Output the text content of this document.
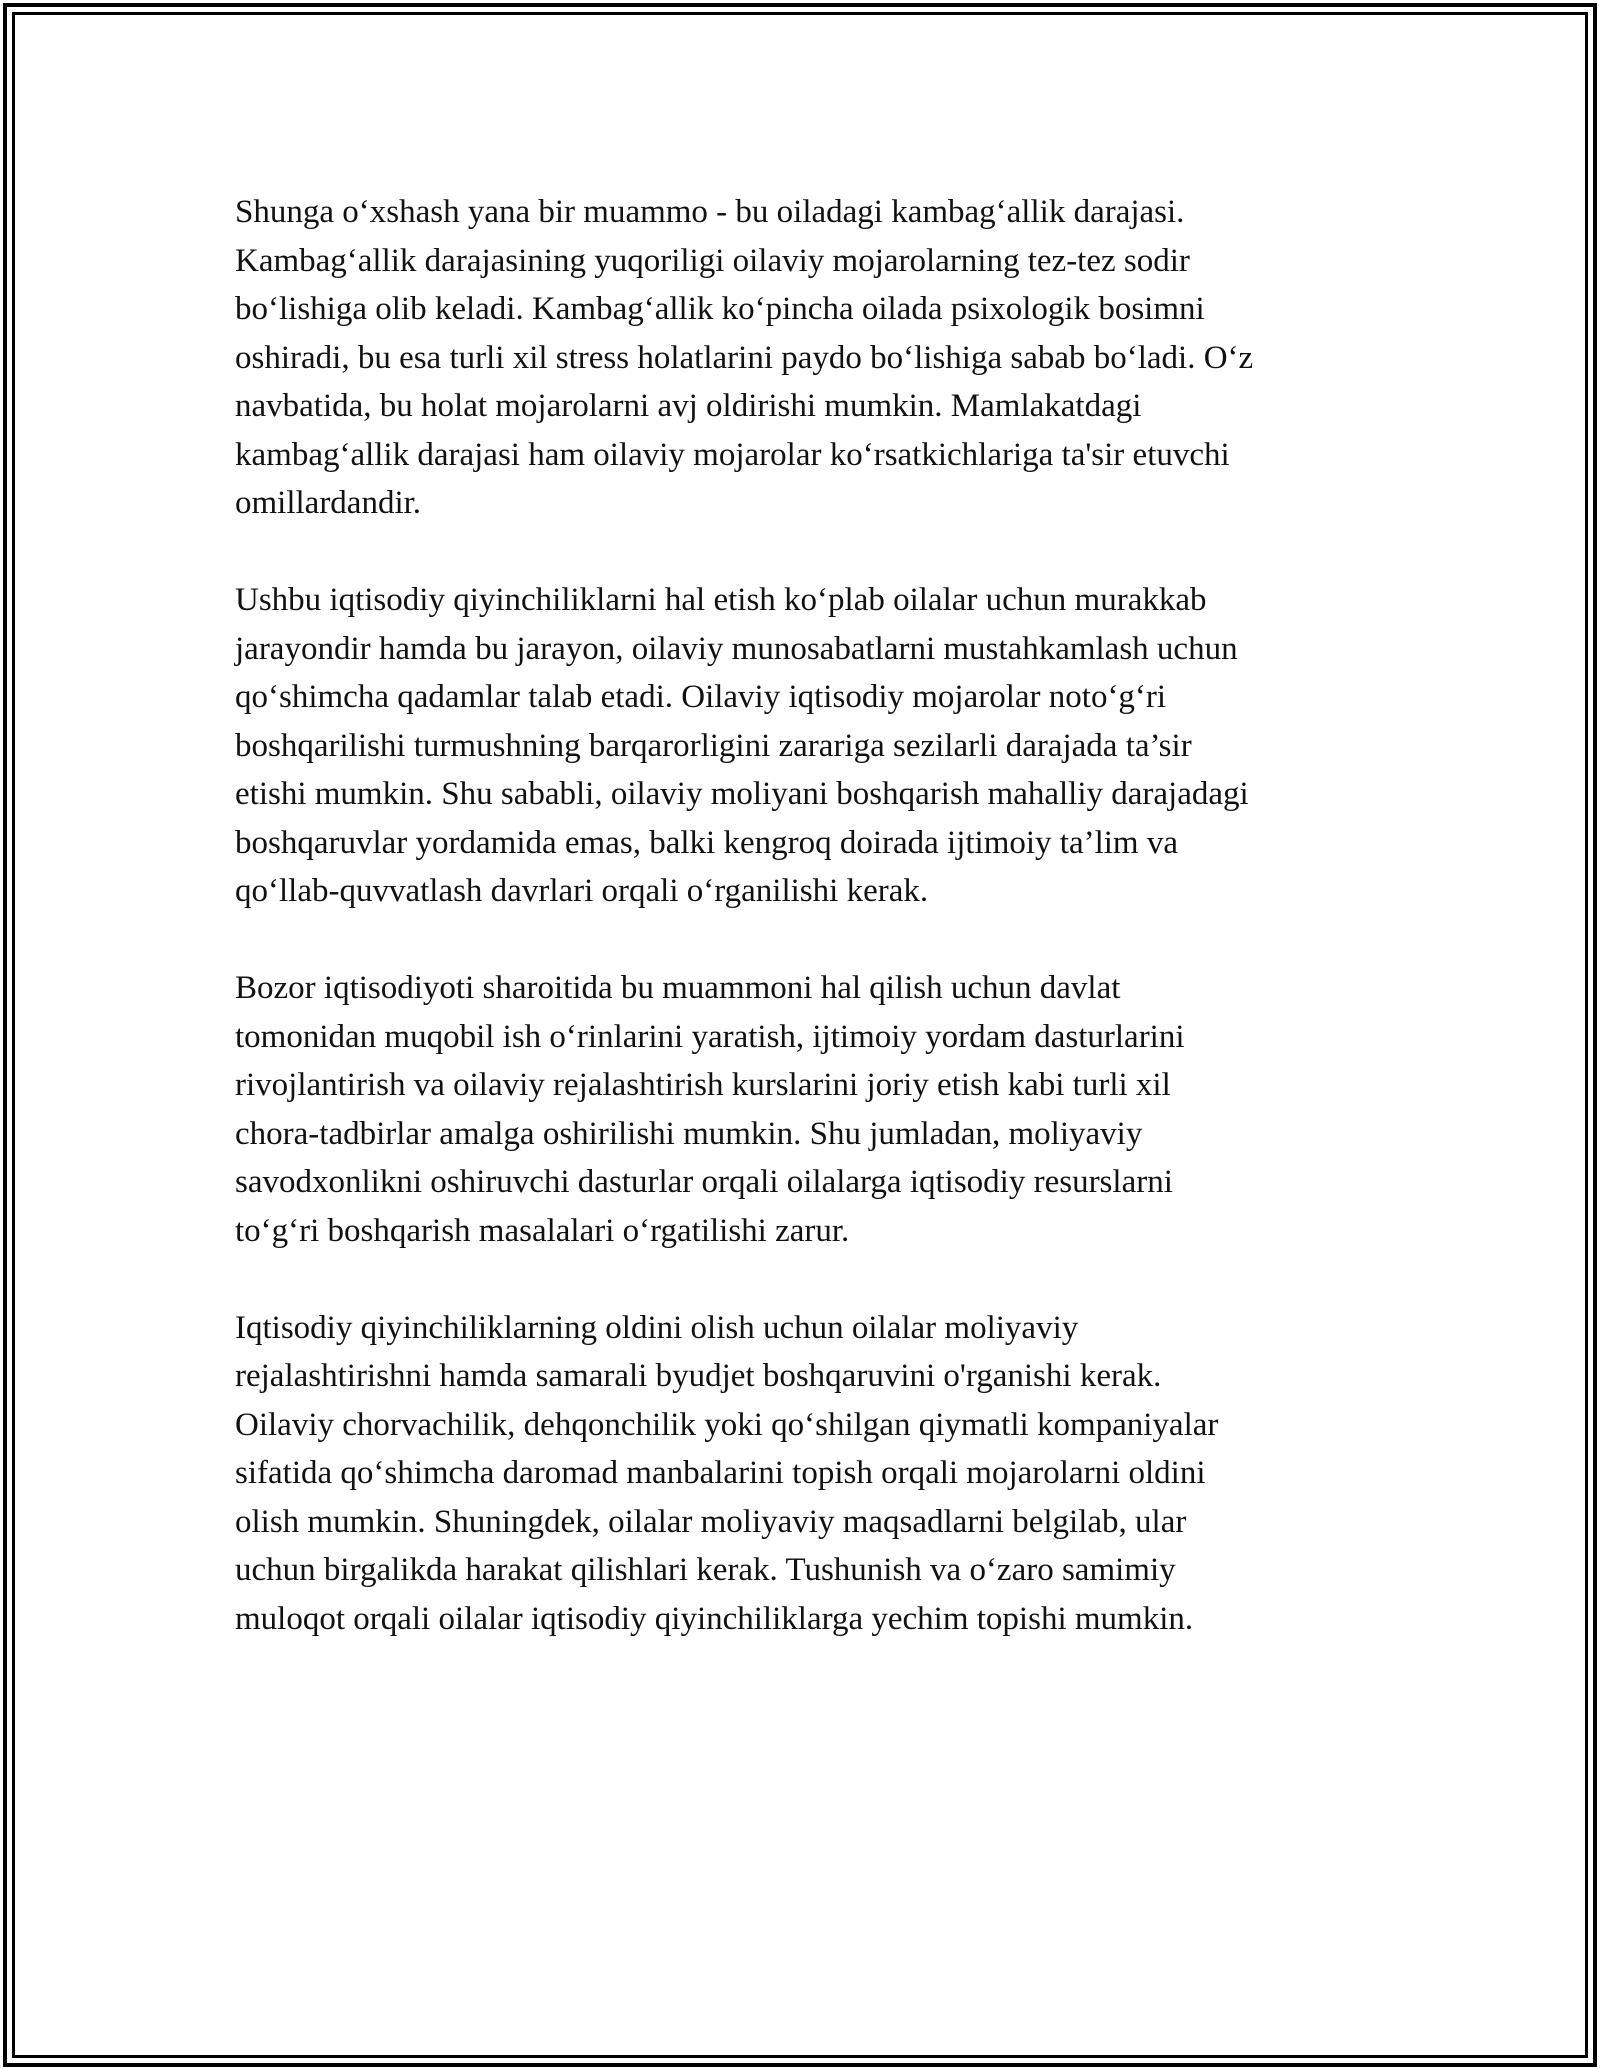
Shunga o‘xshash yana bir muammo - bu oiladagi kambag‘allik darajasi.
Kambag‘allik darajasining yuqoriligi oilaviy mojarolarning tez-tez sodir
bo‘lishiga olib keladi. Kambag‘allik ko‘pincha oilada psixologik bosimni
oshiradi, bu esa turli xil stress holatlarini paydo bo‘lishiga sabab bo‘ladi. O‘z
navbatida, bu holat mojarolarni avj oldirishi mumkin. Mamlakatdagi
kambag‘allik darajasi ham oilaviy mojarolar ko‘rsatkichlariga ta'sir etuvchi
omillardandir.

Ushbu iqtisodiy qiyinchiliklarni hal etish ko‘plab oilalar uchun murakkab
jarayondir hamda bu jarayon, oilaviy munosabatlarni mustahkamlash uchun
qo‘shimcha qadamlar talab etadi. Oilaviy iqtisodiy mojarolar noto‘g‘ri
boshqarilishi turmushning barqarorligini zarariga sezilarli darajada ta’sir
etishi mumkin. Shu sababli, oilaviy moliyani boshqarish mahalliy darajadagi
boshqaruvlar yordamida emas, balki kengroq doirada ijtimoiy ta’lim va
qo‘llab-quvvatlash davrlari orqali o‘rganilishi kerak.

Bozor iqtisodiyoti sharoitida bu muammoni hal qilish uchun davlat
tomonidan muqobil ish o‘rinlarini yaratish, ijtimoiy yordam dasturlarini
rivojlantirish va oilaviy rejalashtirish kurslarini joriy etish kabi turli xil
chora-tadbirlar amalga oshirilishi mumkin. Shu jumladan, moliyaviy
savodxonlikni oshiruvchi dasturlar orqali oilalarga iqtisodiy resurslarni
to‘g‘ri boshqarish masalalari o‘rgatilishi zarur.

Iqtisodiy qiyinchiliklarning oldini olish uchun oilalar moliyaviy
rejalashtirishni hamda samarali byudjet boshqaruvini o'rganishi kerak.
Oilaviy chorvachilik, dehqonchilik yoki qo‘shilgan qiymatli kompaniyalar
sifatida qo‘shimcha daromad manbalarini topish orqali mojarolarni oldini
olish mumkin. Shuningdek, oilalar moliyaviy maqsadlarni belgilab, ular
uchun birgalikda harakat qilishlari kerak. Tushunish va o‘zaro samimiy
muloqot orqali oilalar iqtisodiy qiyinchiliklarga yechim topishi mumkin.
